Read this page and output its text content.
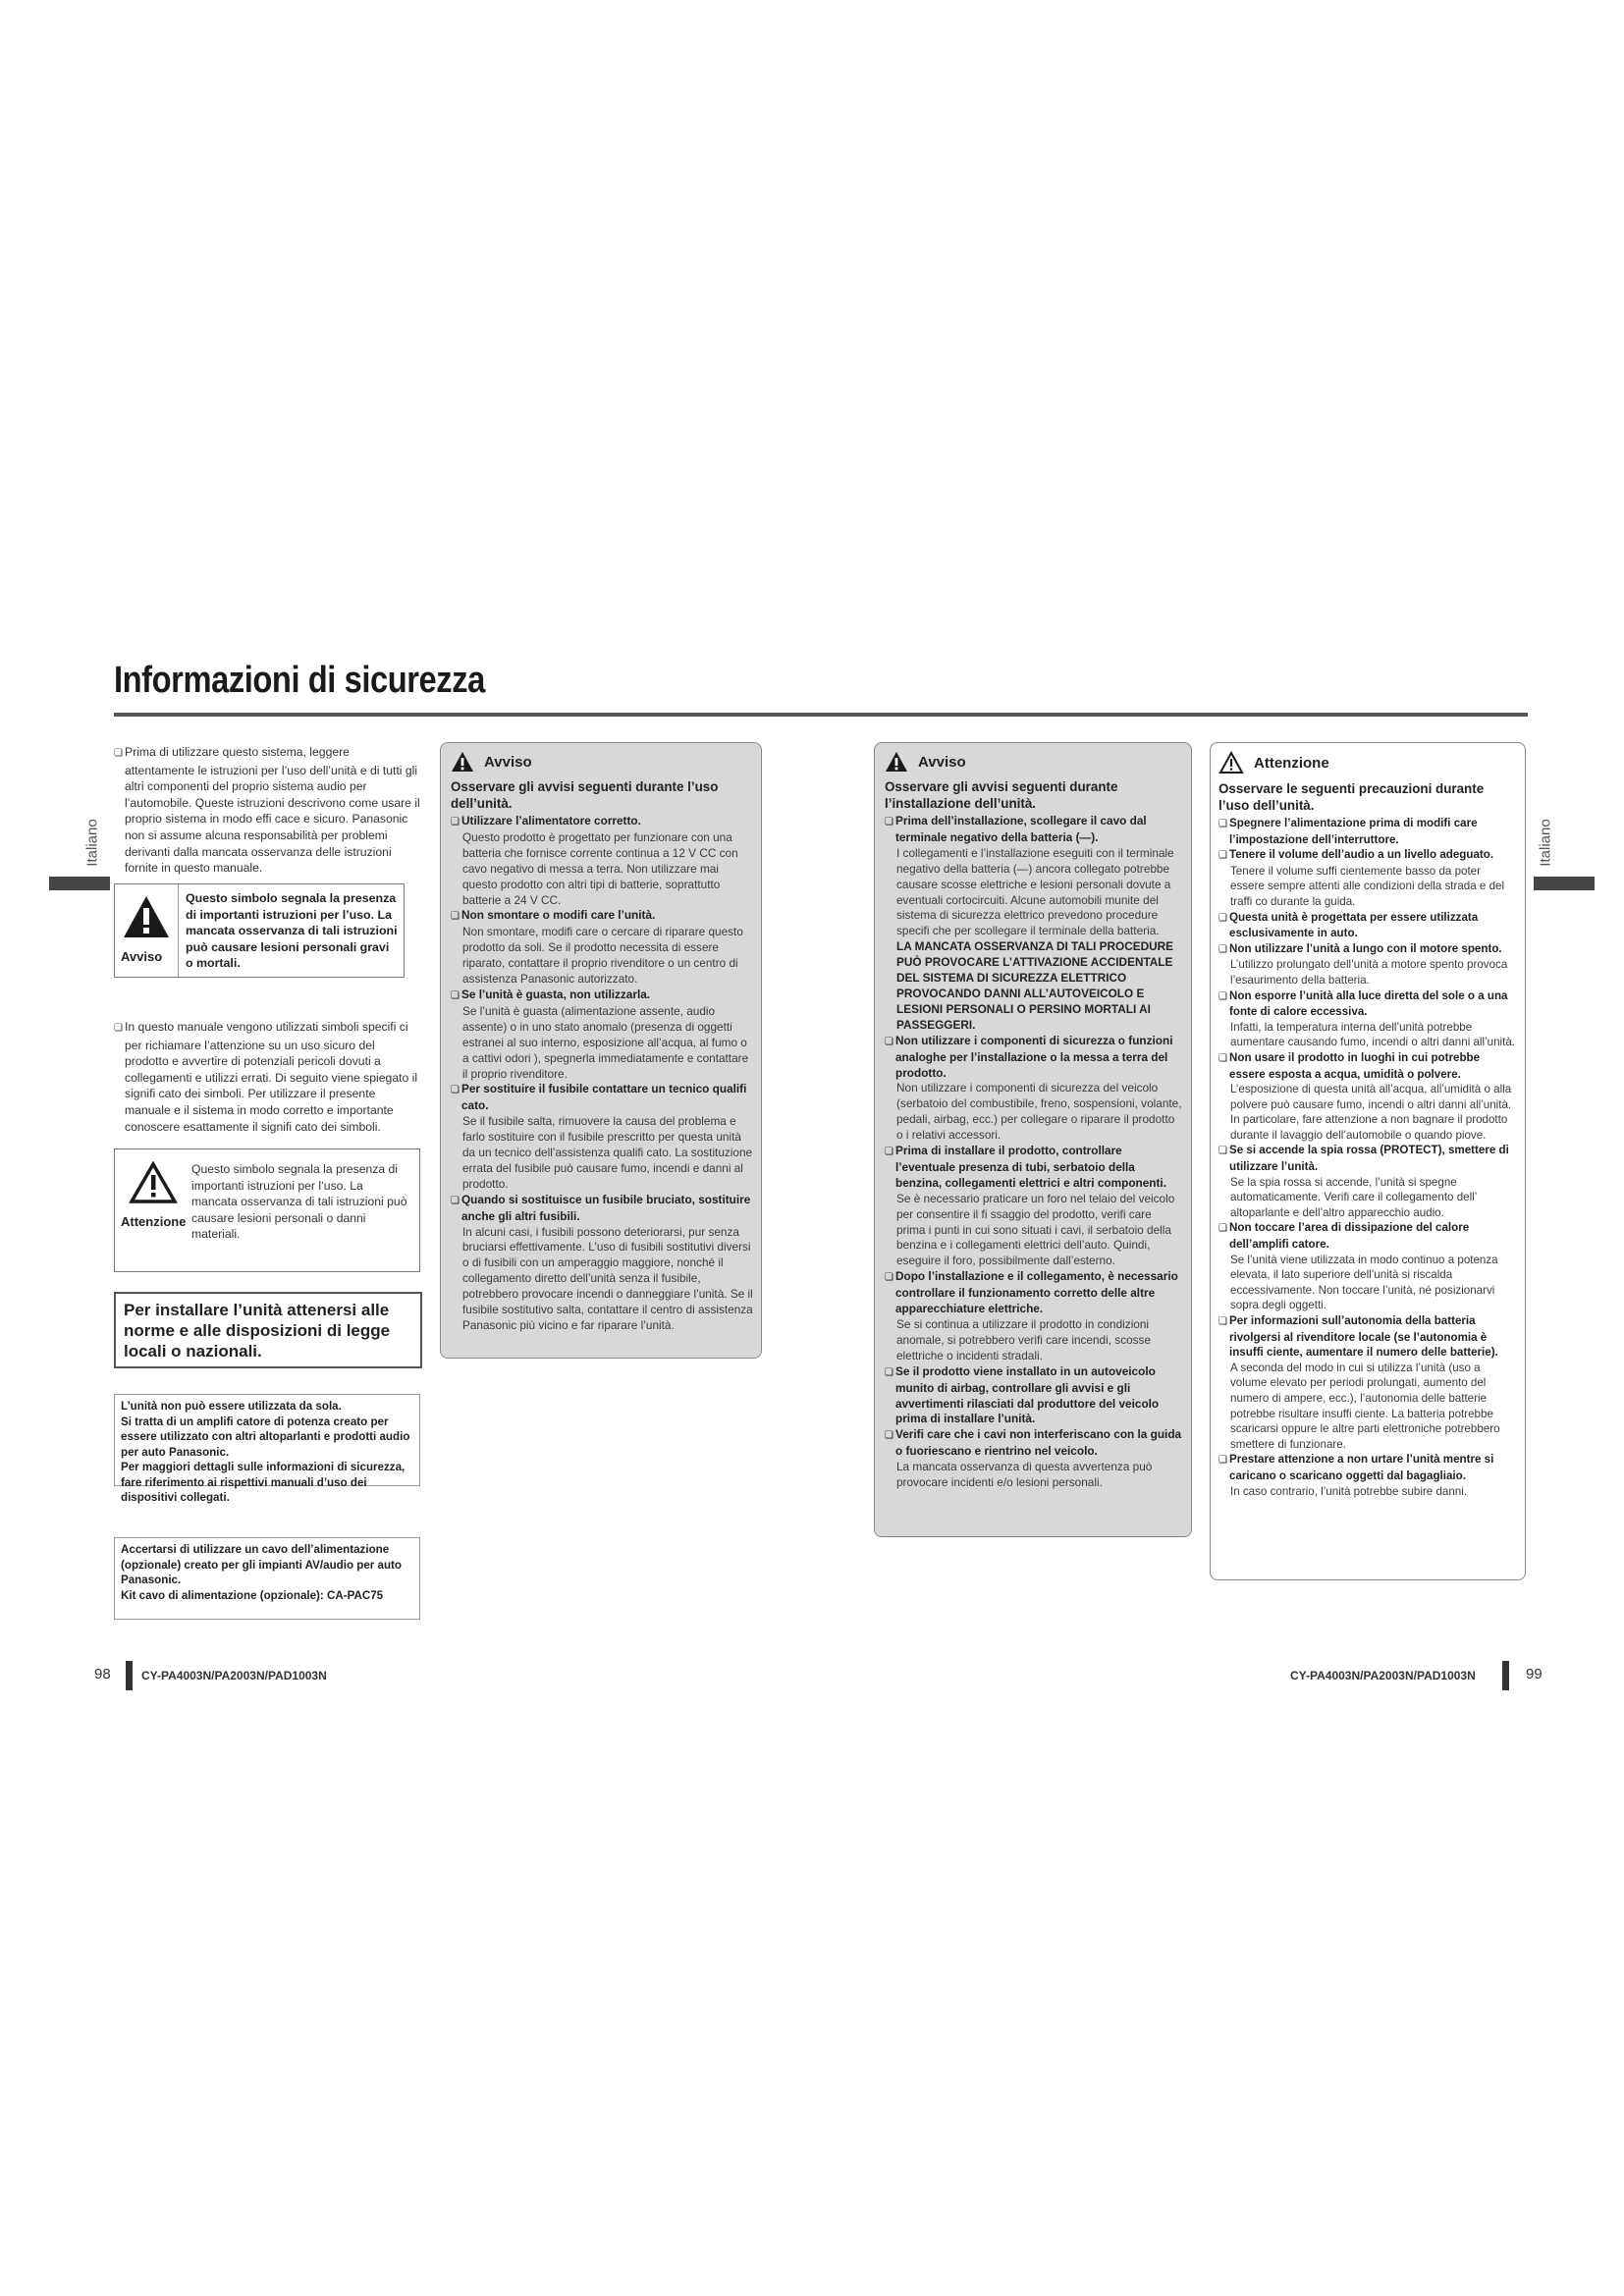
Informazioni di sicurezza
Italiano	Italiano

❏ Prima di utilizzare questo sistema, leggere attentamente le istruzioni per l’uso dell’unità e di tutti gli altri componenti del proprio sistema audio per l’automobile. Queste istruzioni descrivono come usare il proprio sistema in modo effi cace e sicuro. Panasonic non si assume alcuna responsabilità per problemi derivanti dalla mancata osservanza delle istruzioni fornite in questo manuale.

Avviso
Questo simbolo segnala la presenza di importanti istruzioni per l’uso. La mancata osservanza di tali istruzioni può causare lesioni personali gravi o mortali.

❏ In questo manuale vengono utilizzati simboli specifi ci per richiamare l’attenzione su un uso sicuro del prodotto e avvertire di potenziali pericoli dovuti a collegamenti e utilizzi errati. Di seguito viene spiegato il signifi cato dei simboli. Per utilizzare il presente manuale e il sistema in modo corretto e importante conoscere esattamente il signifi cato dei simboli.

Attenzione
Questo simbolo segnala la presenza di importanti istruzioni per l’uso. La mancata osservanza di tali istruzioni può causare lesioni personali o danni materiali.
Per installare l’unità attenersi alle norme e alle disposizioni di legge locali o nazionali.
L’unità non può essere utilizzata da sola.
Si tratta di un amplifi catore di potenza creato per essere utilizzato con altri altoparlanti e prodotti audio per auto Panasonic.
Per maggiori dettagli sulle informazioni di sicurezza, fare riferimento ai rispettivi manuali d’uso dei dispositivi collegati.
Accertarsi di utilizzare un cavo dell’alimentazione (opzionale) creato per gli impianti AV/audio per auto Panasonic.
Kit cavo di alimentazione (opzionale): CA-PAC75
Avviso
Osservare gli avvisi seguenti durante l’uso dell’unità.
❏ Utilizzare l’alimentatore corretto.
Questo prodotto è progettato per funzionare con una batteria che fornisce corrente continua a 12 V CC con cavo negativo di messa a terra. Non utilizzare mai questo prodotto con altri tipi di batterie, soprattutto batterie a 24 V CC.
❏ Non smontare o modifi care l’unità.
Non smontare, modifi care o cercare di riparare questo prodotto da soli. Se il prodotto necessita di essere riparato, contattare il proprio rivenditore o un centro di assistenza Panasonic autorizzato.
❏ Se l’unità è guasta, non utilizzarla.
Se l’unità è guasta (alimentazione assente, audio assente) o in uno stato anomalo (presenza di oggetti estranei al suo interno, esposizione all’acqua, al fumo o a cattivi odori ), spegnerla immediatamente e contattare il proprio rivenditore.
❏ Per sostituire il fusibile contattare un tecnico qualifi cato.
Se il fusibile salta, rimuovere la causa del problema e farlo sostituire con il fusibile prescritto per questa unità da un tecnico dell’assistenza qualifi cato. La sostituzione errata del fusibile può causare fumo, incendi e danni al prodotto.
❏ Quando si sostituisce un fusibile bruciato, sostituire anche gli altri fusibili.
In alcuni casi, i fusibili possono deteriorarsi, pur senza bruciarsi effettivamente. L’uso di fusibili sostitutivi diversi o di fusibili con un amperaggio maggiore, nonché il collegamento diretto dell’unità senza il fusibile, potrebbero provocare incendi o danneggiare l’unità. Se il fusibile sostitutivo salta, contattare il centro di assistenza Panasonic più vicino e far riparare l’unità.
Avviso
Osservare gli avvisi seguenti durante l’installazione dell’unità.
❏ Prima dell’installazione, scollegare il cavo dal terminale negativo della batteria (—).
I collegamenti e l’installazione eseguiti con il terminale negativo della batteria (—) ancora collegato potrebbe causare scosse elettriche e lesioni personali dovute a eventuali cortocircuiti. Alcune automobili munite del sistema di sicurezza elettrico prevedono procedure specifi che per scollegare il terminale della batteria.
LA MANCATA OSSERVANZA DI TALI PROCEDURE PUÒ PROVOCARE L’ATTIVAZIONE ACCIDENTALE DEL SISTEMA DI SICUREZZA ELETTRICO PROVOCANDO DANNI ALL’AUTOVEICOLO E LESIONI PERSONALI O PERSINO MORTALI AI PASSEGGERI.
❏ Non utilizzare i componenti di sicurezza o funzioni analoghe per l’installazione o la messa a terra del prodotto.
Non utilizzare i componenti di sicurezza del veicolo (serbatoio del combustibile, freno, sospensioni, volante, pedali, airbag, ecc.) per collegare o riparare il prodotto o i relativi accessori.
❏ Prima di installare il prodotto, controllare l’eventuale presenza di tubi, serbatoio della benzina, collegamenti elettrici e altri componenti.
Se è necessario praticare un foro nel telaio del veicolo per consentire il fi ssaggio del prodotto, verifi care prima i punti in cui sono situati i cavi, il serbatoio della benzina e i collegamenti elettrici dell’auto. Quindi, eseguire il foro, possibilmente dall’esterno.
❏ Dopo l’installazione e il collegamento, è necessario controllare il funzionamento corretto delle altre apparecchiature elettriche.
Se si continua a utilizzare il prodotto in condizioni anomale, si potrebbero verifi care incendi, scosse elettriche o incidenti stradali.
❏ Se il prodotto viene installato in un autoveicolo munito di airbag, controllare gli avvisi e gli avvertimenti rilasciati dal produttore del veicolo prima di installare l’unità.
❏ Verifi care che i cavi non interferiscano con la guida o fuoriescano e rientrino nel veicolo.
La mancata osservanza di questa avvertenza può provocare incidenti e/o lesioni personali.
Attenzione
Osservare le seguenti precauzioni durante l’uso dell’unità.
❏ Spegnere l’alimentazione prima di modifi care l’impostazione dell’interruttore.
❏ Tenere il volume dell’audio a un livello adeguato.
Tenere il volume suffi cientemente basso da poter essere sempre attenti alle condizioni della strada e del traffi co durante la guida.
❏ Questa unità è progettata per essere utilizzata esclusivamente in auto.
❏ Non utilizzare l’unità a lungo con il motore spento.
L’utilizzo prolungato dell’unità a motore spento provoca l’esaurimento della batteria.
❏ Non esporre l’unità alla luce diretta del sole o a una fonte di calore eccessiva.
Infatti, la temperatura interna dell’unità potrebbe aumentare causando fumo, incendi o altri danni all’unità.
❏ Non usare il prodotto in luoghi in cui potrebbe essere esposta a acqua, umidità o polvere.
L’esposizione di questa unità all’acqua, all’umidità o alla polvere può causare fumo, incendi o altri danni all’unità. In particolare, fare attenzione a non bagnare il prodotto durante il lavaggio dell’automobile o quando piove.
❏ Se si accende la spia rossa (PROTECT), smettere di utilizzare l’unità.
Se la spia rossa si accende, l’unità si spegne automaticamente. Verifi care il collegamento dell’ altoparlante e dell’altro apparecchio audio.
❏ Non toccare l’area di dissipazione del calore dell’amplifi catore.
Se l’unità viene utilizzata in modo continuo a potenza elevata, il lato superiore dell’unità si riscalda eccessivamente. Non toccare l’unità, né posizionarvi sopra degli oggetti.
❏ Per informazioni sull’autonomia della batteria rivolgersi al rivenditore locale (se l’autonomia è insuffi ciente, aumentare il numero delle batterie).
A seconda del modo in cui si utilizza l’unità (uso a volume elevato per periodi prolungati, aumento del numero di ampere, ecc.), l’autonomia delle batterie potrebbe risultare insuffi ciente. La batteria potrebbe scaricarsi oppure le altre parti elettroniche potrebbero smettere di funzionare.
❏ Prestare attenzione a non urtare l’unità mentre si caricano o scaricano oggetti dal bagagliaio.
In caso contrario, l’unità potrebbe subire danni.
98	CY-PA4003N/PA2003N/PAD1003N	CY-PA4003N/PA2003N/PAD1003N	99
